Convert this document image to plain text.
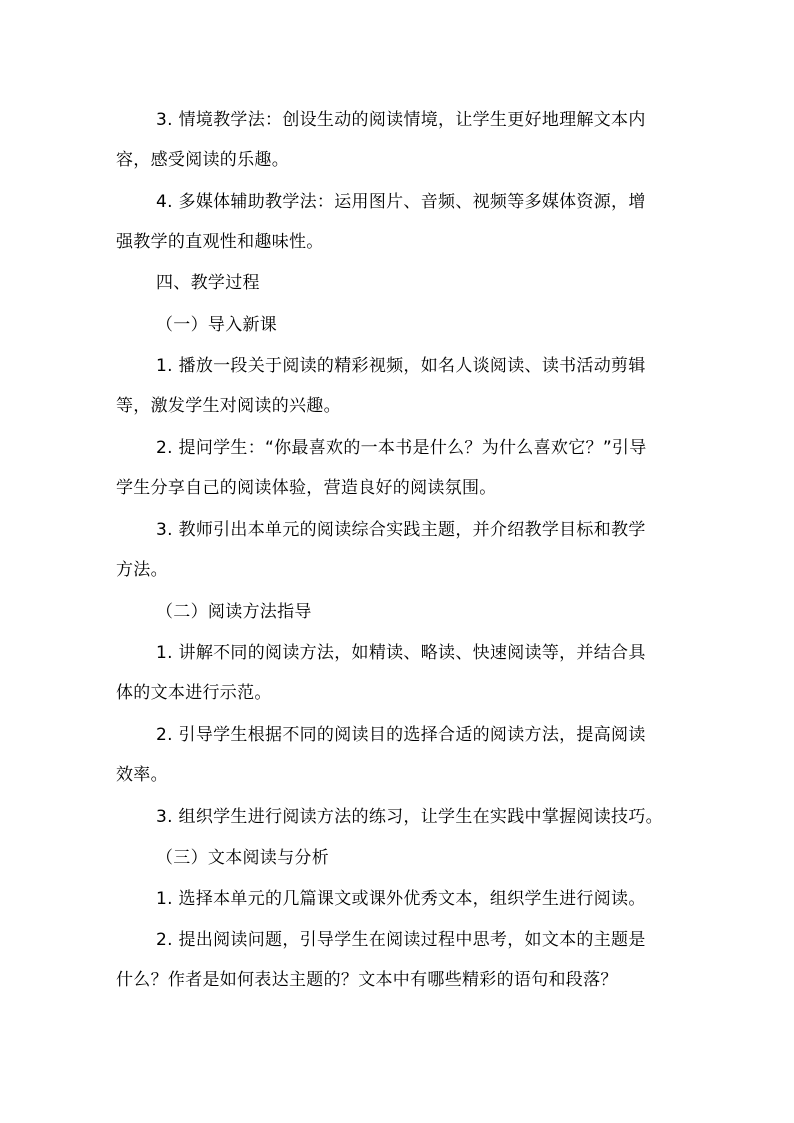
3. 情境教学法：创设生动的阅读情境，让学生更好地理解文本内
容，感受阅读的乐趣。
4. 多媒体辅助教学法：运用图片、音频、视频等多媒体资源，增
强教学的直观性和趣味性。
四、教学过程
（一）导入新课
1. 播放一段关于阅读的精彩视频，如名人谈阅读、读书活动剪辑
等，激发学生对阅读的兴趣。
2. 提问学生：“你最喜欢的一本书是什么？为什么喜欢它？”引导
学生分享自己的阅读体验，营造良好的阅读氛围。
3. 教师引出本单元的阅读综合实践主题，并介绍教学目标和教学
方法。
（二）阅读方法指导
1. 讲解不同的阅读方法，如精读、略读、快速阅读等，并结合具
体的文本进行示范。
2. 引导学生根据不同的阅读目的选择合适的阅读方法，提高阅读
效率。
3. 组织学生进行阅读方法的练习，让学生在实践中掌握阅读技巧。
（三）文本阅读与分析
1. 选择本单元的几篇课文或课外优秀文本，组织学生进行阅读。
2. 提出阅读问题，引导学生在阅读过程中思考，如文本的主题是
什么？作者是如何表达主题的？文本中有哪些精彩的语句和段落？
